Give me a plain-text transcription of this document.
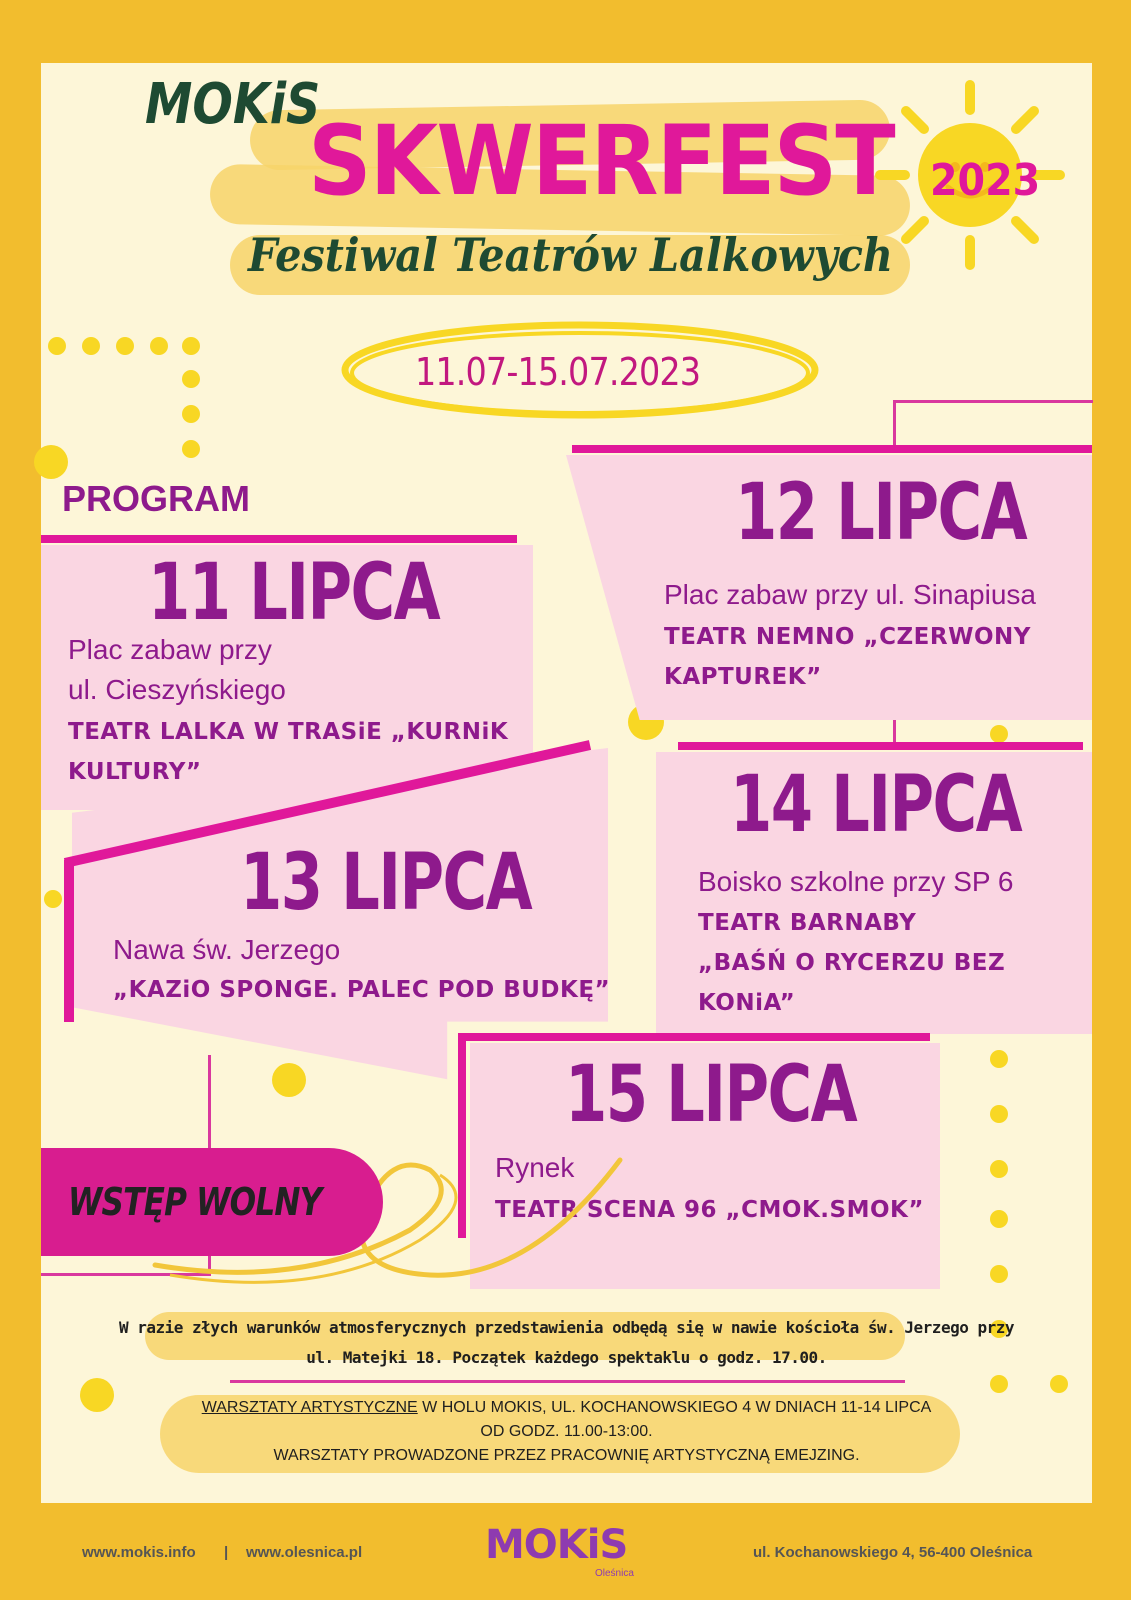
MOKiS
SKWERFEST 2023
Festiwal Teatrów Lalkowych
11.07-15.07.2023
PROGRAM
11 LIPCA
Plac zabaw przy
ul. Cieszyńskiego
TEATR LALKA W TRASiE „KURNiK
KULTURY”
12 LIPCA
Plac zabaw przy ul. Sinapiusa
TEATR NEMNO „CZERWONY
KAPTUREK”
13 LIPCA
Nawa św. Jerzego
„KAZiO SPONGE. PALEC POD BUDKĘ”
14 LIPCA
Boisko szkolne przy SP 6
TEATR BARNABY
„BAŚŃ O RYCERZU BEZ
KONiA”
15 LIPCA
Rynek
TEATR SCENA 96 „CMOK.SMOK”
WSTĘP WOLNY
W razie złych warunków atmosferycznych przedstawienia odbędą się w nawie kościoła św. Jerzego przy
ul. Matejki 18. Początek każdego spektaklu o godz. 17.00.
WARSZTATY ARTYSTYCZNE W HOLU MOKIS, UL. KOCHANOWSKIEGO 4 W DNIACH 11-14 LIPCA
OD GODZ. 11.00-13:00.
WARSZTATY PROWADZONE PRZEZ PRACOWNIĘ ARTYSTYCZNĄ EMEJZING.
www.mokis.info | www.olesnica.pl	MOKiS
Oleśnica
ul. Kochanowskiego 4, 56-400 Oleśnica
